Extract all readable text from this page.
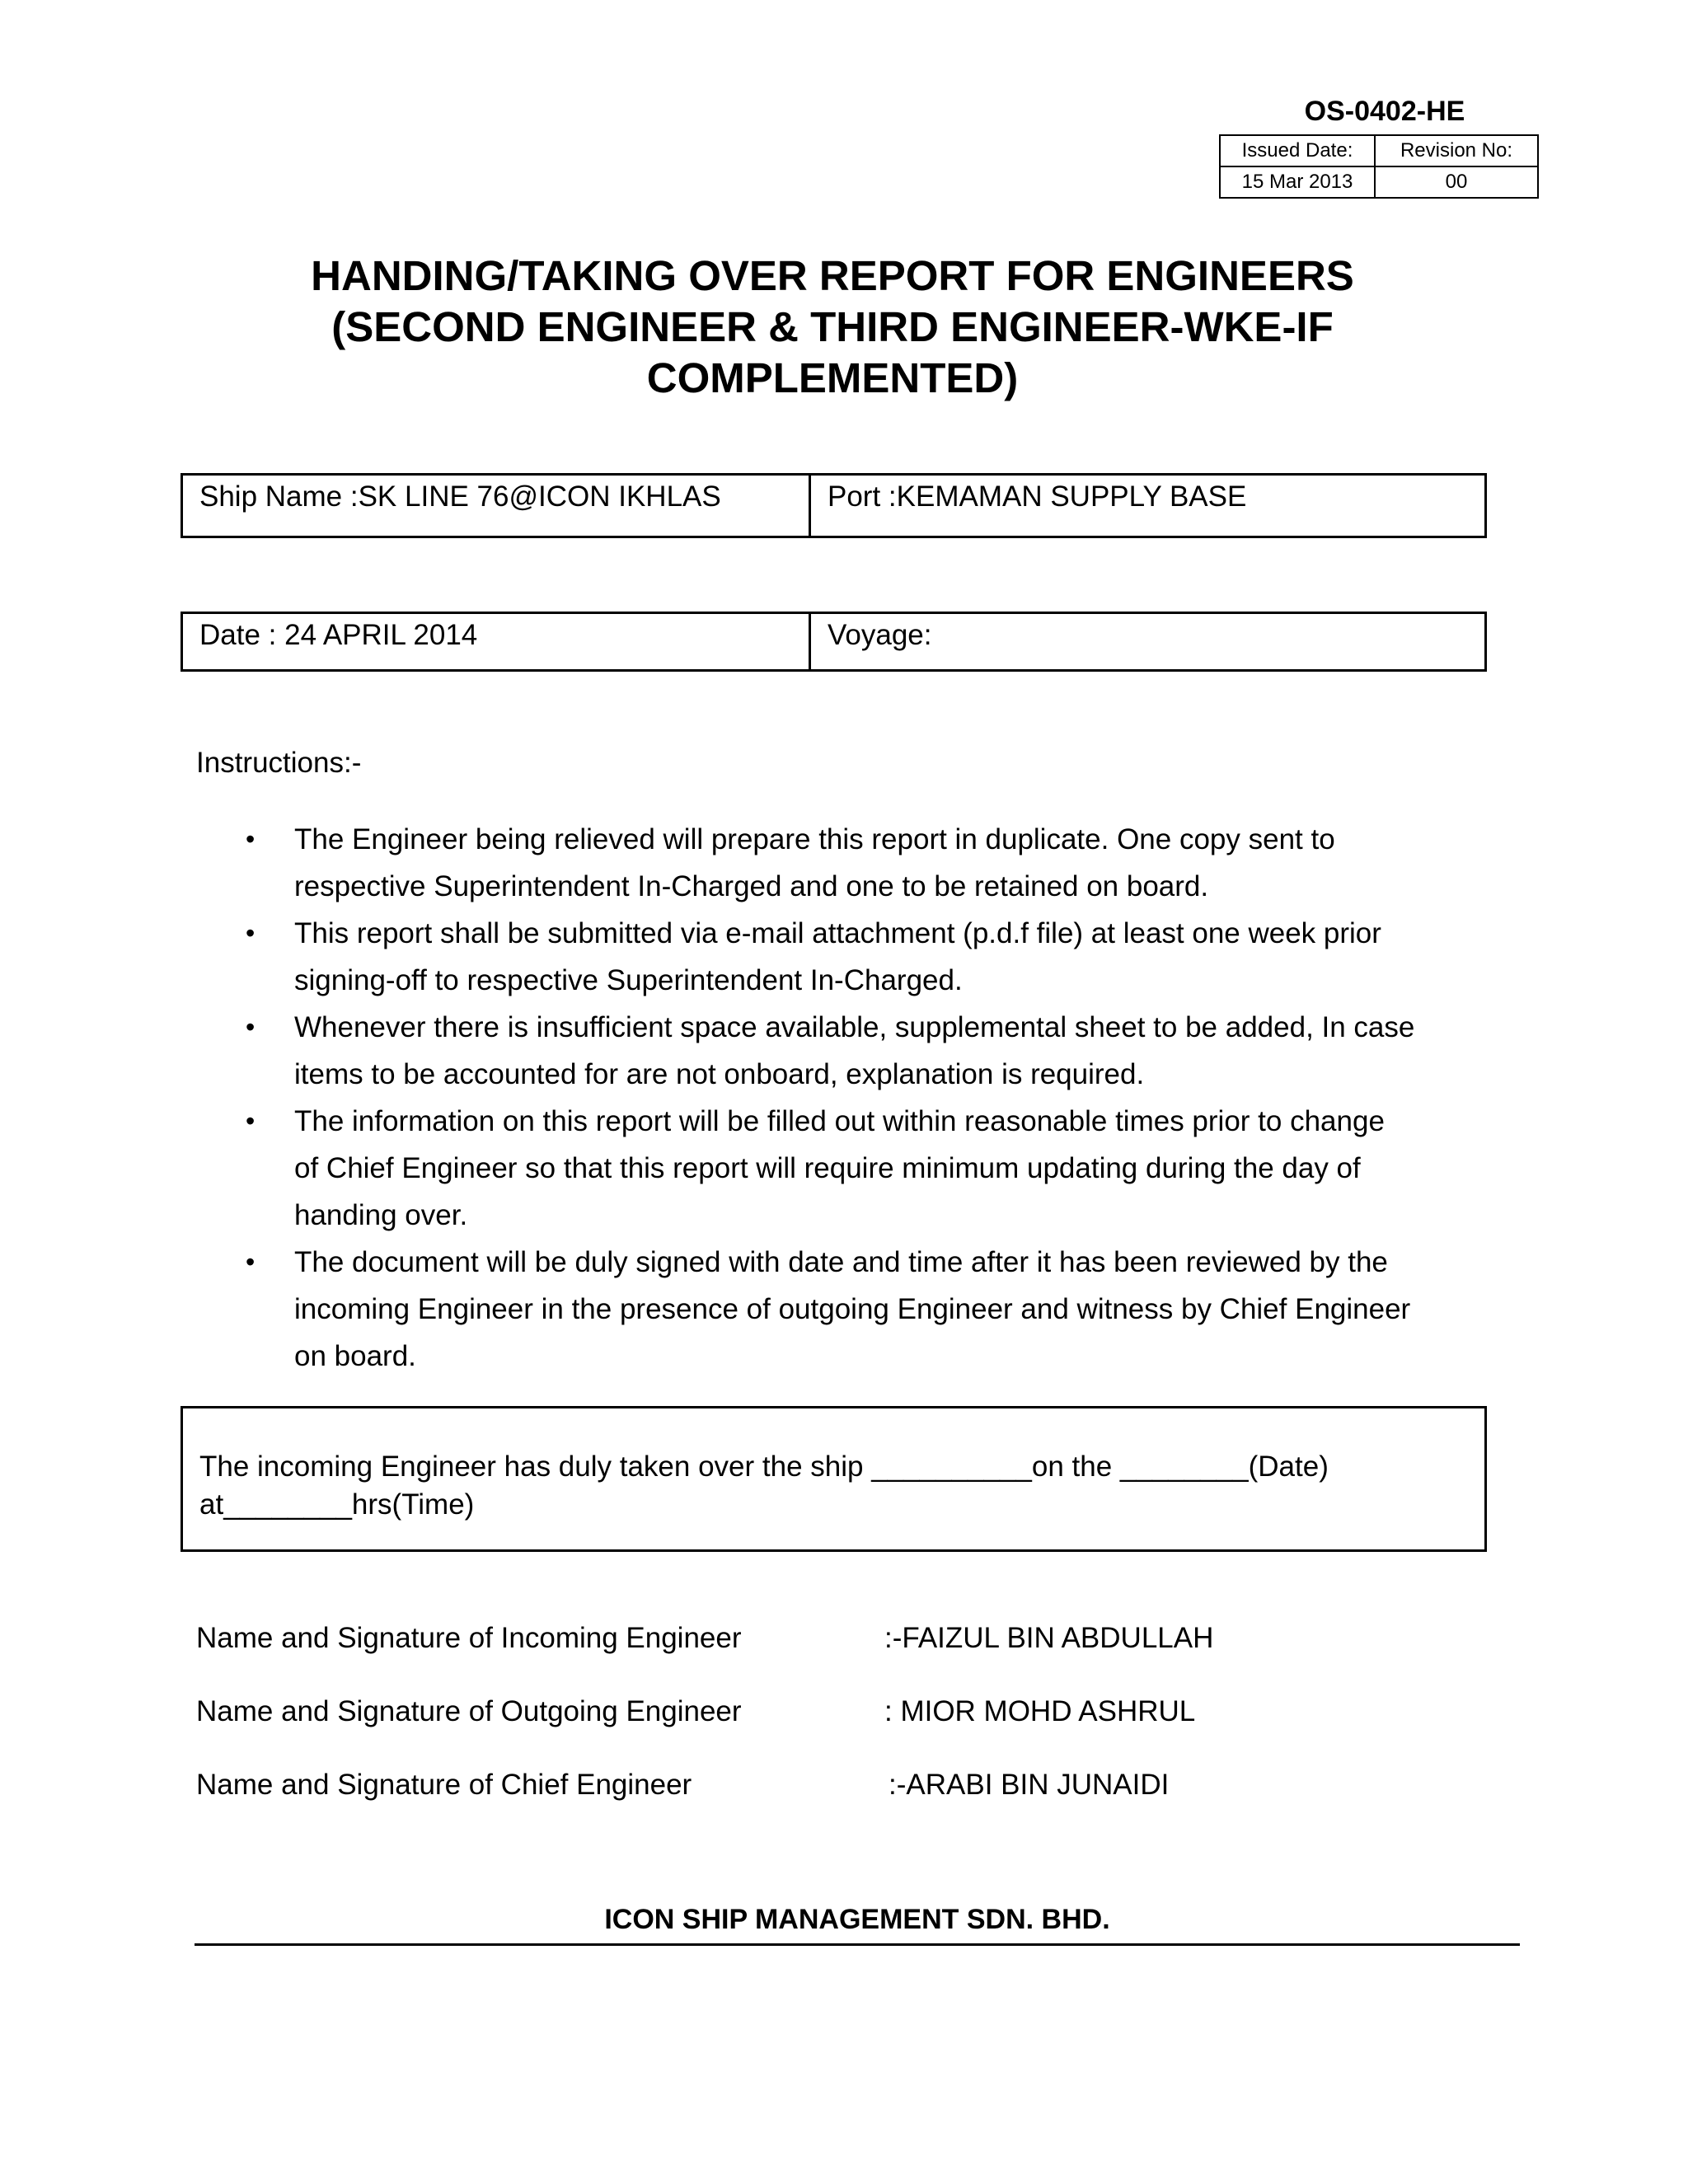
OS-0402-HE
Issued Date:	Revision No:
15 Mar 2013	00
HANDING/TAKING OVER REPORT FOR ENGINEERS
(SECOND ENGINEER & THIRD ENGINEER-WKE-IF
COMPLEMENTED)
Ship Name :SK LINE 76@ICON IKHLAS	Port :KEMAMAN SUPPLY BASE
Date : 24 APRIL 2014	Voyage:
Instructions:-
• The Engineer being relieved will prepare this report in duplicate. One copy sent to
respective Superintendent In-Charged and one to be retained on board.
• This report shall be submitted via e-mail attachment (p.d.f file) at least one week prior
signing-off to respective Superintendent In-Charged.
• Whenever there is insufficient space available, supplemental sheet to be added, In case
items to be accounted for are not onboard, explanation is required.
• The information on this report will be filled out within reasonable times prior to change
of Chief Engineer so that this report will require minimum updating during the day of
handing over.
• The document will be duly signed with date and time after it has been reviewed by the
incoming Engineer in the presence of outgoing Engineer and witness by Chief Engineer
on board.
The incoming Engineer has duly taken over the ship __________on the ________(Date)
at________hrs(Time)
Name and Signature of Incoming Engineer	:-FAIZUL BIN ABDULLAH
Name and Signature of Outgoing Engineer	: MIOR MOHD ASHRUL
Name and Signature of Chief Engineer	:-ARABI BIN JUNAIDI
ICON SHIP MANAGEMENT SDN. BHD.
